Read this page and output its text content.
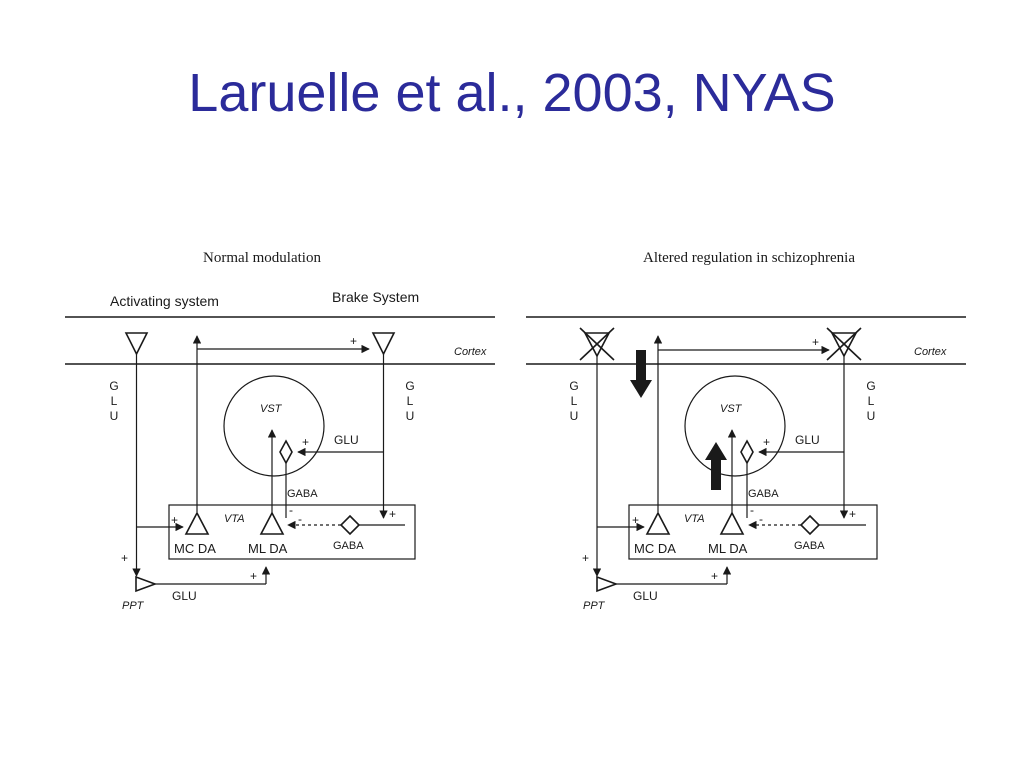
Laruelle et al., 2003, NYAS
Normal modulation
Activating system	Brake System
Cortex
G
L
U
+
G
L
U
VST
GLU
+
GABA
VTA
MC DA ML DA
+
-	+
-
GABA
+
PPT
+
GLU
Altered regulation in schizophrenia
Cortex
G
L
U
+
G
L
U
VST
GLU
+
GABA
VTA
MC DA ML DA
+
-	+
-
GABA
+
PPT
+
GLU
